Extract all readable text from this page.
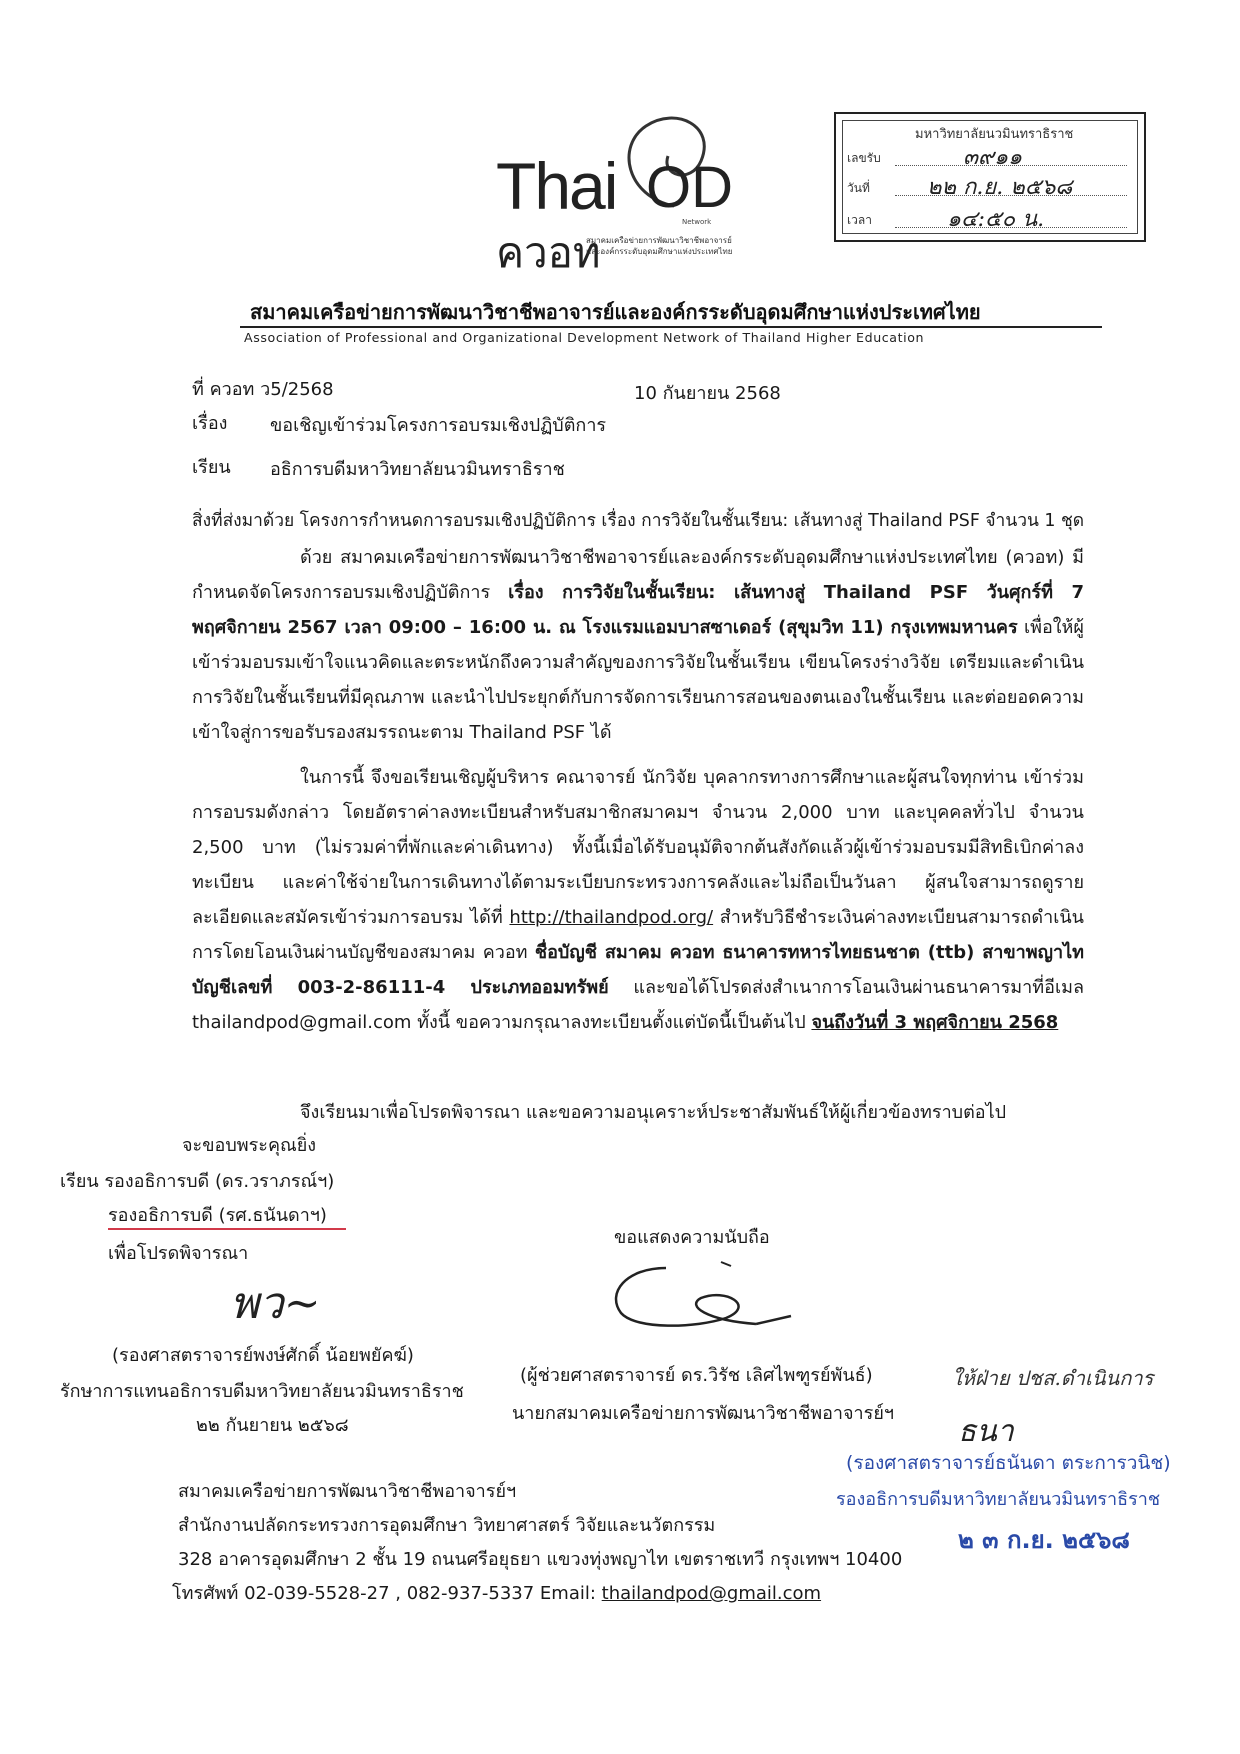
Thai OD
Network
ควอท
สมาคมเครือข่ายการพัฒนาวิชาชีพอาจารย์
และองค์กรระดับอุดมศึกษาแห่งประเทศไทย
มหาวิทยาลัยนวมินทราธิราช
เลขรับ	๓๙๑๑
วันที่	๒๒ ก.ย. ๒๕๖๘
เวลา	๑๔:๕๐ น.
สมาคมเครือข่ายการพัฒนาวิชาชีพอาจารย์และองค์กรระดับอุดมศึกษาแห่งประเทศไทย
Association of Professional and Organizational Development Network of Thailand Higher Education
ที่ ควอท ว5/2568	10 กันยายน 2568
เรื่อง ขอเชิญเข้าร่วมโครงการอบรมเชิงปฏิบัติการ
เรียน อธิการบดีมหาวิทยาลัยนวมินทราธิราช
สิ่งที่ส่งมาด้วย โครงการกำหนดการอบรมเชิงปฏิบัติการ เรื่อง การวิจัยในชั้นเรียน: เส้นทางสู่ Thailand PSF จำนวน 1 ชุด
ด้วย สมาคมเครือข่ายการพัฒนาวิชาชีพอาจารย์และองค์กรระดับอุดมศึกษาแห่งประเทศไทย (ควอท) มีกำหนดจัดโครงการอบรมเชิงปฏิบัติการ เรื่อง การวิจัยในชั้นเรียน: เส้นทางสู่ Thailand PSF วันศุกร์ที่ 7 พฤศจิกายน 2567 เวลา 09:00 – 16:00 น. ณ โรงแรมแอมบาสซาเดอร์ (สุขุมวิท 11) กรุงเทพมหานคร เพื่อให้ผู้เข้าร่วมอบรมเข้าใจแนวคิดและตระหนักถึงความสำคัญของการวิจัยในชั้นเรียน เขียนโครงร่างวิจัย เตรียมและดำเนินการวิจัยในชั้นเรียนที่มีคุณภาพ และนำไปประยุกต์กับการจัดการเรียนการสอนของตนเองในชั้นเรียน และต่อยอดความเข้าใจสู่การขอรับรองสมรรถนะตาม Thailand PSF ได้
ในการนี้ จึงขอเรียนเชิญผู้บริหาร คณาจารย์ นักวิจัย บุคลากรทางการศึกษาและผู้สนใจทุกท่าน เข้าร่วมการอบรมดังกล่าว โดยอัตราค่าลงทะเบียนสำหรับสมาชิกสมาคมฯ จำนวน 2,000 บาท และบุคคลทั่วไป จำนวน 2,500 บาท (ไม่รวมค่าที่พักและค่าเดินทาง) ทั้งนี้เมื่อได้รับอนุมัติจากต้นสังกัดแล้วผู้เข้าร่วมอบรมมีสิทธิเบิกค่าลงทะเบียน และค่าใช้จ่ายในการเดินทางได้ตามระเบียบกระทรวงการคลังและไม่ถือเป็นวันลา ผู้สนใจสามารถดูรายละเอียดและสมัครเข้าร่วมการอบรม ได้ที่ http://thailandpod.org/ สำหรับวิธีชำระเงินค่าลงทะเบียนสามารถดำเนินการโดยโอนเงินผ่านบัญชีของสมาคม ควอท ชื่อบัญชี สมาคม ควอท ธนาคารทหารไทยธนชาต (ttb) สาขาพญาไท บัญชีเลขที่ 003-2-86111-4 ประเภทออมทรัพย์ และขอได้โปรดส่งสำเนาการโอนเงินผ่านธนาคารมาที่อีเมล thailandpod@gmail.com ทั้งนี้ ขอความกรุณาลงทะเบียนตั้งแต่บัดนี้เป็นต้นไป จนถึงวันที่ 3 พฤศจิกายน 2568
จึงเรียนมาเพื่อโปรดพิจารณา และขอความอนุเคราะห์ประชาสัมพันธ์ให้ผู้เกี่ยวข้องทราบต่อไป
จะขอบพระคุณยิ่ง
เรียน รองอธิการบดี (ดร.วราภรณ์ฯ)
รองอธิการบดี (รศ.ธนันดาฯ)
เพื่อโปรดพิจารณา
พว~
(รองศาสตราจารย์พงษ์ศักดิ์ น้อยพยัคฆ์)
รักษาการแทนอธิการบดีมหาวิทยาลัยนวมินทราธิราช
๒๒ กันยายน ๒๕๖๘
ขอแสดงความนับถือ
(ผู้ช่วยศาสตราจารย์ ดร.วิรัช เลิศไพฑูรย์พันธ์)
นายกสมาคมเครือข่ายการพัฒนาวิชาชีพอาจารย์ฯ
ให้ฝ่าย ปชส.ดำเนินการ
ธนา
(รองศาสตราจารย์ธนันดา ตระการวนิช)
รองอธิการบดีมหาวิทยาลัยนวมินทราธิราช
๒ ๓ ก.ย. ๒๕๖๘
สมาคมเครือข่ายการพัฒนาวิชาชีพอาจารย์ฯ
สำนักงานปลัดกระทรวงการอุดมศึกษา วิทยาศาสตร์ วิจัยและนวัตกรรม
328 อาคารอุดมศึกษา 2 ชั้น 19 ถนนศรีอยุธยา แขวงทุ่งพญาไท เขตราชเทวี กรุงเทพฯ 10400
โทรศัพท์ 02-039-5528-27 , 082-937-5337 Email: thailandpod@gmail.com
